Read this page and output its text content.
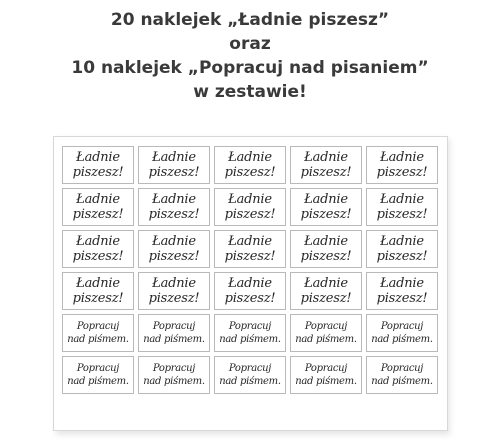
20 naklejek „Ładnie piszesz”
oraz
10 naklejek „Popracuj nad pisaniem”
w zestawie!
Ładnie
piszesz!
Ładnie
piszesz!
Ładnie
piszesz!
Ładnie
piszesz!
Ładnie
piszesz!
Ładnie
piszesz!
Ładnie
piszesz!
Ładnie
piszesz!
Ładnie
piszesz!
Ładnie
piszesz!
Ładnie
piszesz!
Ładnie
piszesz!
Ładnie
piszesz!
Ładnie
piszesz!
Ładnie
piszesz!
Ładnie
piszesz!
Ładnie
piszesz!
Ładnie
piszesz!
Ładnie
piszesz!
Ładnie
piszesz!
Popracuj
nad piśmem.
Popracuj
nad piśmem.
Popracuj
nad piśmem.
Popracuj
nad piśmem.
Popracuj
nad piśmem.
Popracuj
nad piśmem.
Popracuj
nad piśmem.
Popracuj
nad piśmem.
Popracuj
nad piśmem.
Popracuj
nad piśmem.
